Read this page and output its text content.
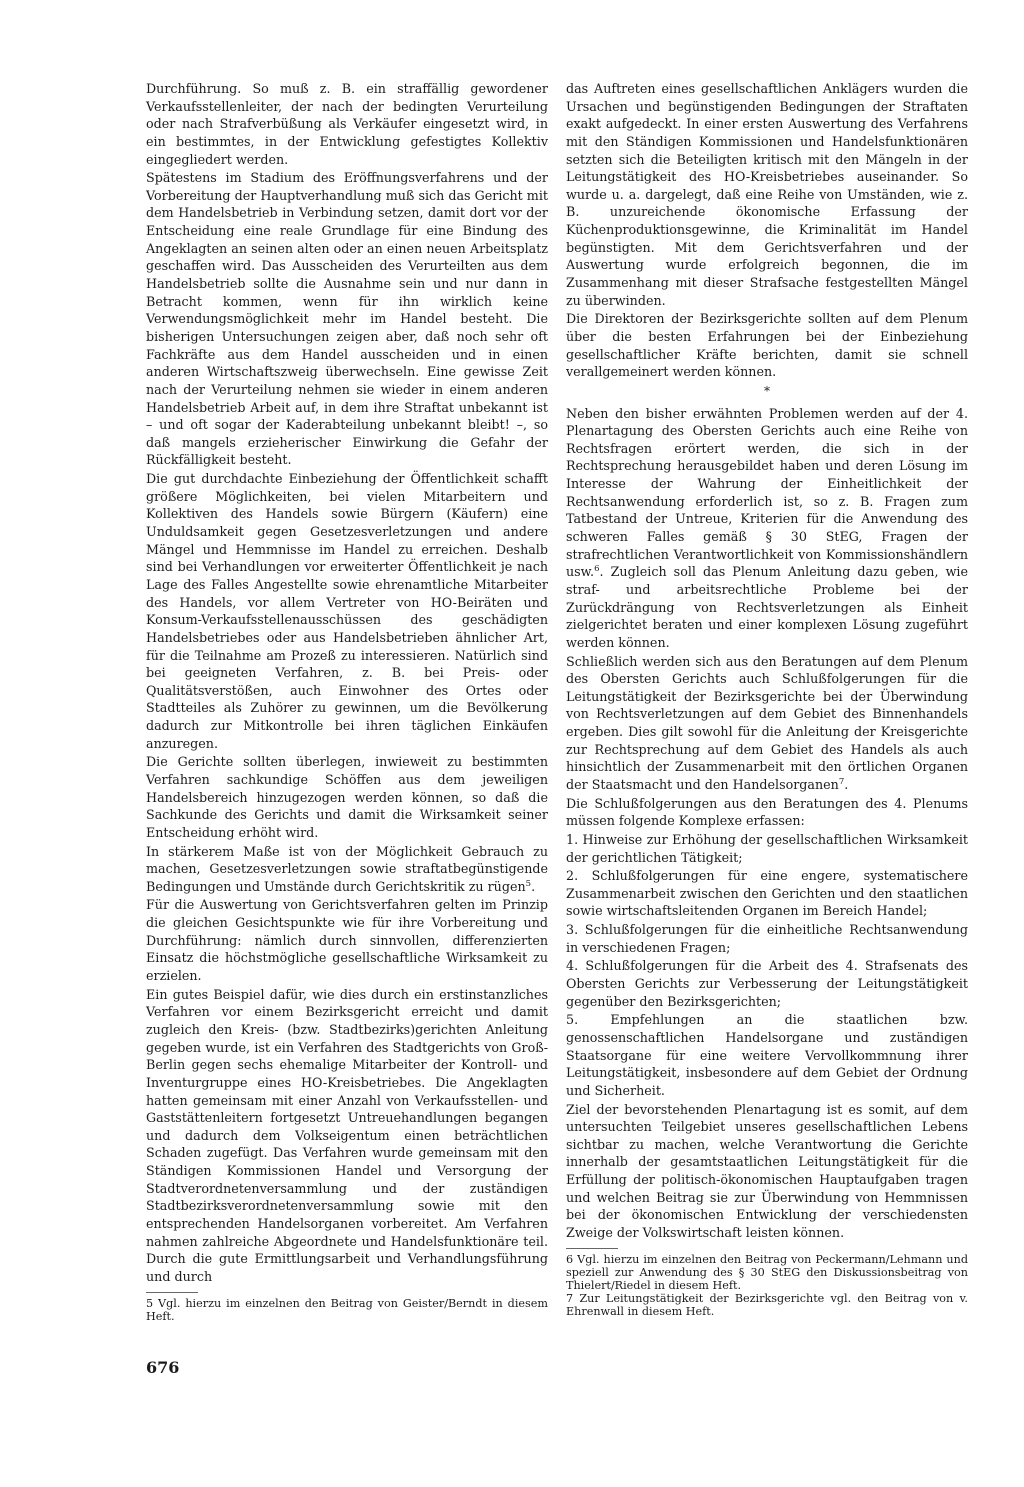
Durchführung. So muß z. B. ein straffällig gewordener Verkaufsstellenleiter, der nach der bedingten Verurteilung oder nach Strafverbüßung als Verkäufer eingesetzt wird, in ein bestimmtes, in der Entwicklung gefestigtes Kollektiv eingegliedert werden.

Spätestens im Stadium des Eröffnungsverfahrens und der Vorbereitung der Hauptverhandlung muß sich das Gericht mit dem Handelsbetrieb in Verbindung setzen, damit dort vor der Entscheidung eine reale Grundlage für eine Bindung des Angeklagten an seinen alten oder an einen neuen Arbeitsplatz geschaffen wird. Das Ausscheiden des Verurteilten aus dem Handelsbetrieb sollte die Ausnahme sein und nur dann in Betracht kommen, wenn für ihn wirklich keine Verwendungsmöglichkeit mehr im Handel besteht. Die bisherigen Untersuchungen zeigen aber, daß noch sehr oft Fachkräfte aus dem Handel ausscheiden und in einen anderen Wirtschaftszweig überwechseln. Eine gewisse Zeit nach der Verurteilung nehmen sie wieder in einem anderen Handelsbetrieb Arbeit auf, in dem ihre Straftat unbekannt ist – und oft sogar der Kaderabteilung unbekannt bleibt! –, so daß mangels erzieherischer Einwirkung die Gefahr der Rückfälligkeit besteht.

Die gut durchdachte Einbeziehung der Öffentlichkeit schafft größere Möglichkeiten, bei vielen Mitarbeitern und Kollektiven des Handels sowie Bürgern (Käufern) eine Unduldsamkeit gegen Gesetzesverletzungen und andere Mängel und Hemmnisse im Handel zu erreichen. Deshalb sind bei Verhandlungen vor erweiterter Öffentlichkeit je nach Lage des Falles Angestellte sowie ehrenamtliche Mitarbeiter des Handels, vor allem Vertreter von HO-Beiräten und Konsum-Verkaufsstellenausschüssen des geschädigten Handelsbetriebes oder aus Handelsbetrieben ähnlicher Art, für die Teilnahme am Prozeß zu interessieren. Natürlich sind bei geeigneten Verfahren, z. B. bei Preis- oder Qualitätsverstößen, auch Einwohner des Ortes oder Stadtteiles als Zuhörer zu gewinnen, um die Bevölkerung dadurch zur Mitkontrolle bei ihren täglichen Einkäufen anzuregen.

Die Gerichte sollten überlegen, inwieweit zu bestimmten Verfahren sachkundige Schöffen aus dem jeweiligen Handelsbereich hinzugezogen werden können, so daß die Sachkunde des Gerichts und damit die Wirksamkeit seiner Entscheidung erhöht wird.

In stärkerem Maße ist von der Möglichkeit Gebrauch zu machen, Gesetzesverletzungen sowie straftatbegünstigende Bedingungen und Umstände durch Gerichtskritik zu rügen$^5$.

Für die Auswertung von Gerichtsverfahren gelten im Prinzip die gleichen Gesichtspunkte wie für ihre Vorbereitung und Durchführung: nämlich durch sinnvollen, differenzierten Einsatz die höchstmögliche gesellschaftliche Wirksamkeit zu erzielen.

Ein gutes Beispiel dafür, wie dies durch ein erstinstanzliches Verfahren vor einem Bezirksgericht erreicht und damit zugleich den Kreis- (bzw. Stadtbezirks)gerichten Anleitung gegeben wurde, ist ein Verfahren des Stadtgerichts von Groß-Berlin gegen sechs ehemalige Mitarbeiter der Kontroll- und Inventurgruppe eines HO-Kreisbetriebes. Die Angeklagten hatten gemeinsam mit einer Anzahl von Verkaufsstellen- und Gaststättenleitern fortgesetzt Untreuehandlungen begangen und dadurch dem Volkseigentum einen beträchtlichen Schaden zugefügt. Das Verfahren wurde gemeinsam mit den Ständigen Kommissionen Handel und Versorgung der Stadtverordnetenversammlung und der zuständigen Stadtbezirksverordnetenversammlung sowie mit den entsprechenden Handelsorganen vorbereitet. Am Verfahren nahmen zahlreiche Abgeordnete und Handelsfunktionäre teil. Durch die gute Ermittlungsarbeit und Verhandlungsführung und durch

5 Vgl. hierzu im einzelnen den Beitrag von Geister/Berndt in diesem Heft.

das Auftreten eines gesellschaftlichen Anklägers wurden die Ursachen und begünstigenden Bedingungen der Straftaten exakt aufgedeckt. In einer ersten Auswertung des Verfahrens mit den Ständigen Kommissionen und Handelsfunktionären setzten sich die Beteiligten kritisch mit den Mängeln in der Leitungstätigkeit des HO-Kreisbetriebes auseinander. So wurde u. a. dargelegt, daß eine Reihe von Umständen, wie z. B. unzureichende ökonomische Erfassung der Küchenproduktionsgewinne, die Kriminalität im Handel begünstigten. Mit dem Gerichtsverfahren und der Auswertung wurde erfolgreich begonnen, die im Zusammenhang mit dieser Strafsache festgestellten Mängel zu überwinden.

Die Direktoren der Bezirksgerichte sollten auf dem Plenum über die besten Erfahrungen bei der Einbeziehung gesellschaftlicher Kräfte berichten, damit sie schnell verallgemeinert werden können.

*

Neben den bisher erwähnten Problemen werden auf der 4. Plenartagung des Obersten Gerichts auch eine Reihe von Rechtsfragen erörtert werden, die sich in der Rechtsprechung herausgebildet haben und deren Lösung im Interesse der Wahrung der Einheitlichkeit der Rechtsanwendung erforderlich ist, so z. B. Fragen zum Tatbestand der Untreue, Kriterien für die Anwendung des schweren Falles gemäß § 30 StEG, Fragen der strafrechtlichen Verantwortlichkeit von Kommissionshändlern usw.$^6$. Zugleich soll das Plenum Anleitung dazu geben, wie straf- und arbeitsrechtliche Probleme bei der Zurückdrängung von Rechtsverletzungen als Einheit zielgerichtet beraten und einer komplexen Lösung zugeführt werden können.

Schließlich werden sich aus den Beratungen auf dem Plenum des Obersten Gerichts auch Schlußfolgerungen für die Leitungstätigkeit der Bezirksgerichte bei der Überwindung von Rechtsverletzungen auf dem Gebiet des Binnenhandels ergeben. Dies gilt sowohl für die Anleitung der Kreisgerichte zur Rechtsprechung auf dem Gebiet des Handels als auch hinsichtlich der Zusammenarbeit mit den örtlichen Organen der Staatsmacht und den Handelsorganen$^7$.

Die Schlußfolgerungen aus den Beratungen des 4. Plenums müssen folgende Komplexe erfassen:

1. Hinweise zur Erhöhung der gesellschaftlichen Wirksamkeit der gerichtlichen Tätigkeit;

2. Schlußfolgerungen für eine engere, systematischere Zusammenarbeit zwischen den Gerichten und den staatlichen sowie wirtschaftsleitenden Organen im Bereich Handel;

3. Schlußfolgerungen für die einheitliche Rechtsanwendung in verschiedenen Fragen;

4. Schlußfolgerungen für die Arbeit des 4. Strafsenats des Obersten Gerichts zur Verbesserung der Leitungstätigkeit gegenüber den Bezirksgerichten;

5. Empfehlungen an die staatlichen bzw. genossenschaftlichen Handelsorgane und zuständigen Staatsorgane für eine weitere Vervollkommnung ihrer Leitungstätigkeit, insbesondere auf dem Gebiet der Ordnung und Sicherheit.

Ziel der bevorstehenden Plenartagung ist es somit, auf dem untersuchten Teilgebiet unseres gesellschaftlichen Lebens sichtbar zu machen, welche Verantwortung die Gerichte innerhalb der gesamtstaatlichen Leitungstätigkeit für die Erfüllung der politisch-ökonomischen Hauptaufgaben tragen und welchen Beitrag sie zur Überwindung von Hemmnissen bei der ökonomischen Entwicklung der verschiedensten Zweige der Volkswirtschaft leisten können.

6 Vgl. hierzu im einzelnen den Beitrag von Peckermann/Lehmann und speziell zur Anwendung des § 30 StEG den Diskussionsbeitrag von Thielert/Riedel in diesem Heft.

7 Zur Leitungstätigkeit der Bezirksgerichte vgl. den Beitrag von v. Ehrenwall in diesem Heft.

676
